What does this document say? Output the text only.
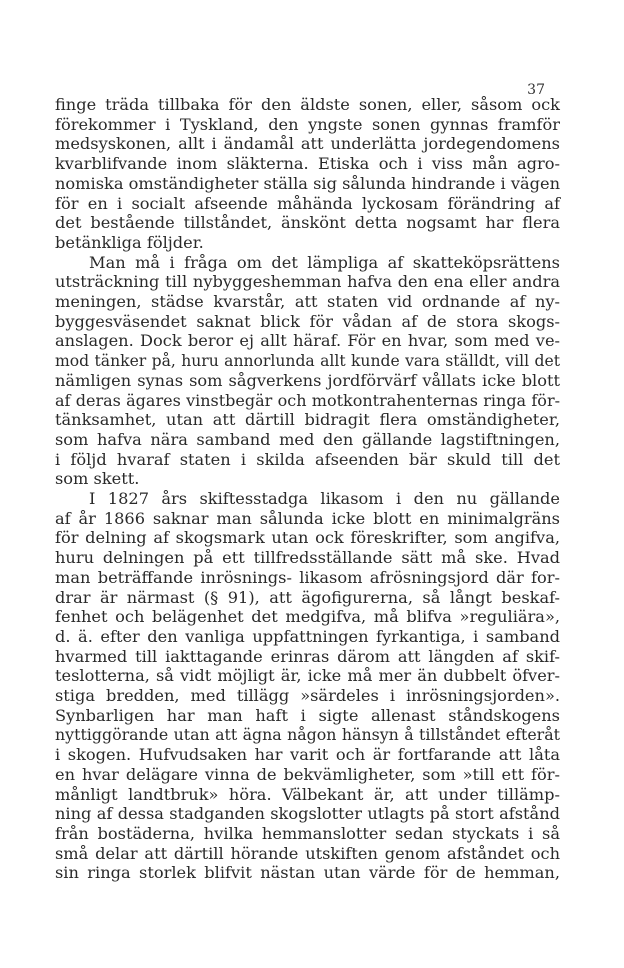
37
finge träda tillbaka för den äldste sonen, eller, såsom ock
förekommer i Tyskland, den yngste sonen gynnas framför
medsyskonen, allt i ändamål att underlätta jordegendomens
kvarblifvande inom släkterna. Etiska och i viss mån agro-
nomiska omständigheter ställa sig sålunda hindrande i vägen
för en i socialt afseende måhända lyckosam förändring af
det bestående tillståndet, änskönt detta nogsamt har flera
betänkliga följder.
Man må i fråga om det lämpliga af skatteköpsrättens
utsträckning till nybyggeshemman hafva den ena eller andra
meningen, städse kvarstår, att staten vid ordnande af ny-
byggesväsendet saknat blick för vådan af de stora skogs-
anslagen. Dock beror ej allt häraf. För en hvar, som med ve-
mod tänker på, huru annorlunda allt kunde vara ställdt, vill det
nämligen synas som sågverkens jordförvärf vållats icke blott
af deras ägares vinstbegär och motkontrahenternas ringa för-
tänksamhet, utan att därtill bidragit flera omständigheter,
som hafva nära samband med den gällande lagstiftningen,
i följd hvaraf staten i skilda afseenden bär skuld till det
som skett.
I 1827 års skiftesstadga likasom i den nu gällande
af år 1866 saknar man sålunda icke blott en minimalgräns
för delning af skogsmark utan ock föreskrifter, som angifva,
huru delningen på ett tillfredsställande sätt må ske. Hvad
man beträffande inrösnings- likasom afrösningsjord där for-
drar är närmast (§ 91), att ägofigurerna, så långt beskaf-
fenhet och belägenhet det medgifva, må blifva »reguliära»,
d. ä. efter den vanliga uppfattningen fyrkantiga, i samband
hvarmed till iakttagande erinras därom att längden af skif-
teslotterna, så vidt möjligt är, icke må mer än dubbelt öfver-
stiga bredden, med tillägg »särdeles i inrösningsjorden».
Synbarligen har man haft i sigte allenast ståndskogens
nyttiggörande utan att ägna någon hänsyn å tillståndet efteråt
i skogen. Hufvudsaken har varit och är fortfarande att låta
en hvar delägare vinna de bekvämligheter, som »till ett för-
månligt landtbruk» höra. Välbekant är, att under tillämp-
ning af dessa stadganden skogslotter utlagts på stort afstånd
från bostäderna, hvilka hemmanslotter sedan styckats i så
små delar att därtill hörande utskiften genom afståndet och
sin ringa storlek blifvit nästan utan värde för de hemman,
